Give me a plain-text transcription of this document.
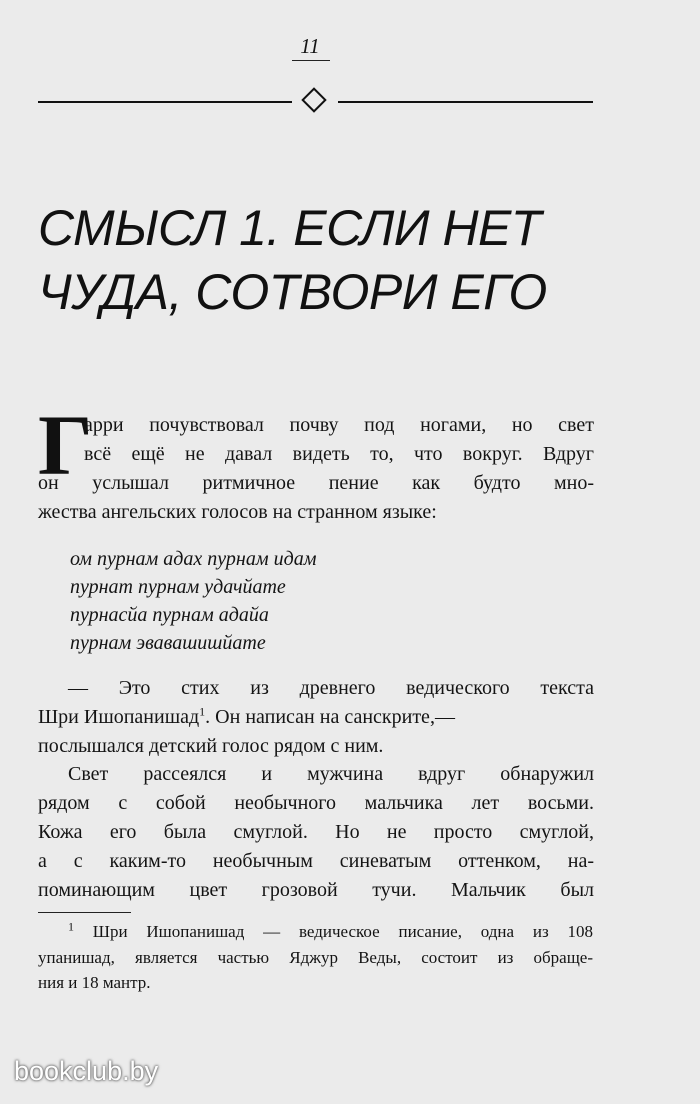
11
СМЫСЛ 1. ЕСЛИ НЕТ
ЧУДА, СОТВОРИ ЕГО
Г
арри почувствовал почву под ногами, но свет
всё ещё не давал видеть то, что вокруг. Вдруг
он услышал ритмичное пение как будто мно-
жества ангельских голосов на странном языке:
ом пурнам адах пурнам идам
пурнат пурнам удачйате
пурнасйа пурнам адайа
пурнам эвавашишйате
— Это стих из древнего ведического текста
Шри Ишопанишад$^1$. Он написан на санскрите,—
послышался детский голос рядом с ним.
Свет рассеялся и мужчина вдруг обнаружил
рядом с собой необычного мальчика лет восьми.
Кожа его была смуглой. Но не просто смуглой,
а с каким-то необычным синеватым оттенком, на-
поминающим цвет грозовой тучи. Мальчик был
$^1$ Шри Ишопанишад — ведическое писание, одна из 108
упанишад, является частью Яджур Веды, состоит из обраще-
ния и 18 мантр.
bookclub.by
